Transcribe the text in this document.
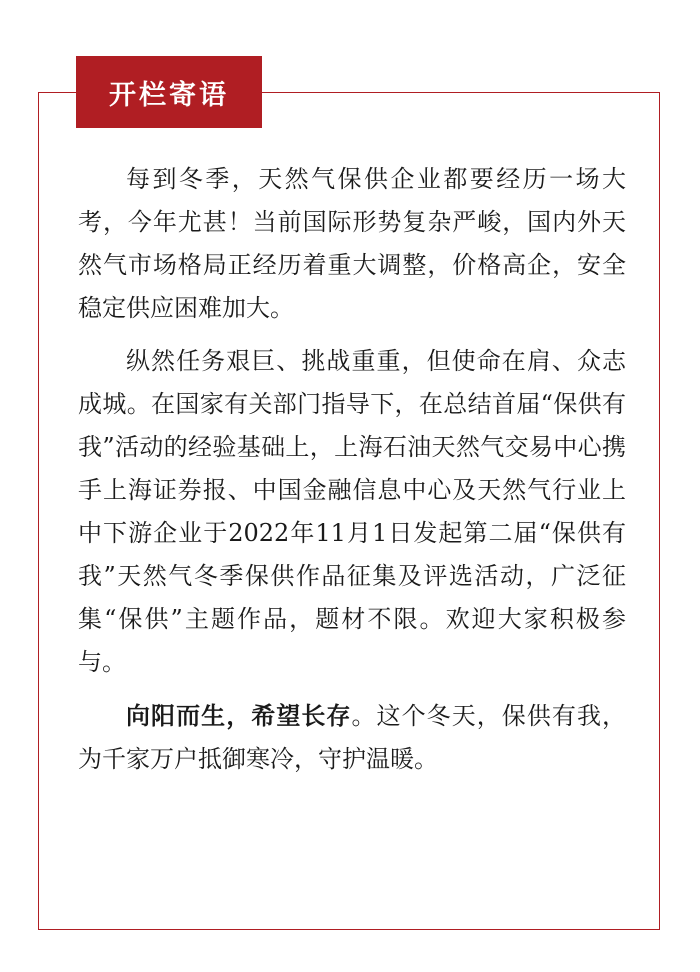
开栏寄语

每到冬季，天然气保供企业都要经历一场大考，今年尤甚！当前国际形势复杂严峻，国内外天然气市场格局正经历着重大调整，价格高企，安全稳定供应困难加大。

纵然任务艰巨、挑战重重，但使命在肩、众志成城。在国家有关部门指导下，在总结首届“保供有我”活动的经验基础上，上海石油天然气交易中心携手上海证券报、中国金融信息中心及天然气行业上中下游企业于2022年11月1日发起第二届“保供有我”天然气冬季保供作品征集及评选活动，广泛征集“保供”主题作品，题材不限。欢迎大家积极参与。

向阳而生，希望长存。这个冬天，保供有我，为千家万户抵御寒冷，守护温暖。
